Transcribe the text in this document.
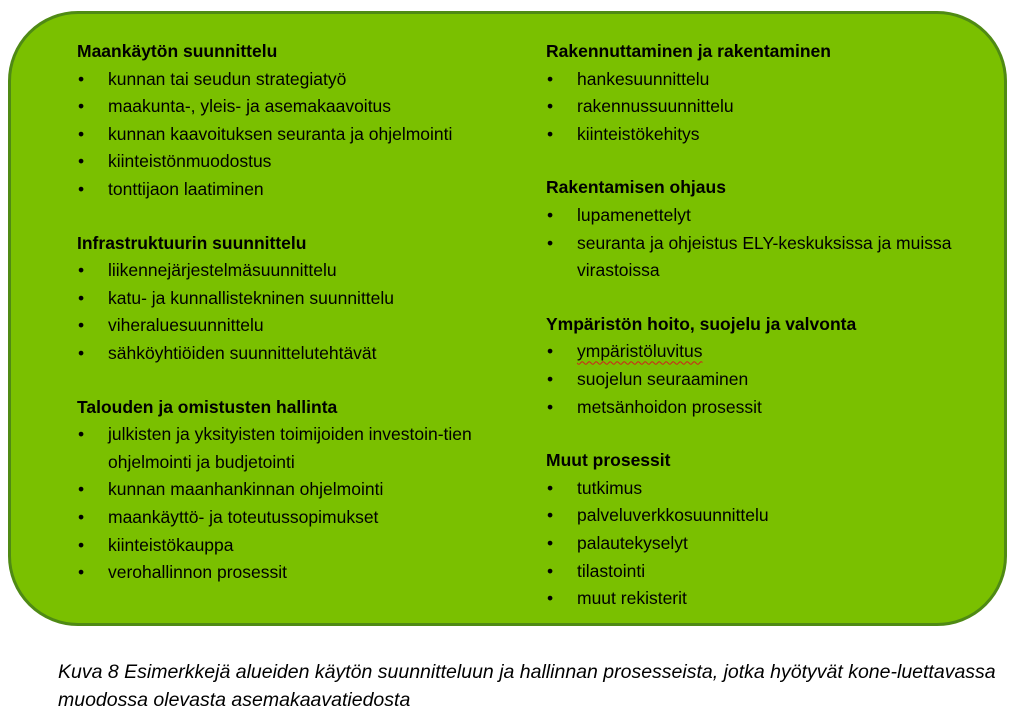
Maankäytön suunnittelu
• kunnan tai seudun strategiatyö
• maakunta-, yleis- ja asemakaavoitus
• kunnan kaavoituksen seuranta ja ohjelmointi
• kiinteistönmuodostus
• tonttijaon laatiminen
Infrastruktuurin suunnittelu
• liikennejärjestelmäsuunnittelu
• katu- ja kunnallistekninen suunnittelu
• viheraluesuunnittelu
• sähköyhtiöiden suunnittelutehtävät
Talouden ja omistusten hallinta
• julkisten ja yksityisten toimijoiden investoin-tien ohjelmointi ja budjetointi
• kunnan maanhankinnan ohjelmointi
• maankäyttö- ja toteutussopimukset
• kiinteistökauppa
• verohallinnon prosessit
Rakennuttaminen ja rakentaminen
• hankesuunnittelu
• rakennussuunnittelu
• kiinteistökehitys
Rakentamisen ohjaus
• lupamenettelyt
• seuranta ja ohjeistus ELY-keskuksissa ja muissa virastoissa
Ympäristön hoito, suojelu ja valvonta
• ympäristöluvitus
• suojelun seuraaminen
• metsänhoidon prosessit
Muut prosessit
• tutkimus
• palveluverkkosuunnittelu
• palautekyselyt
• tilastointi
• muut rekisterit
Kuva 8 Esimerkkejä alueiden käytön suunnitteluun ja hallinnan prosesseista, jotka hyötyvät kone-luettavassa muodossa olevasta asemakaavatiedosta
